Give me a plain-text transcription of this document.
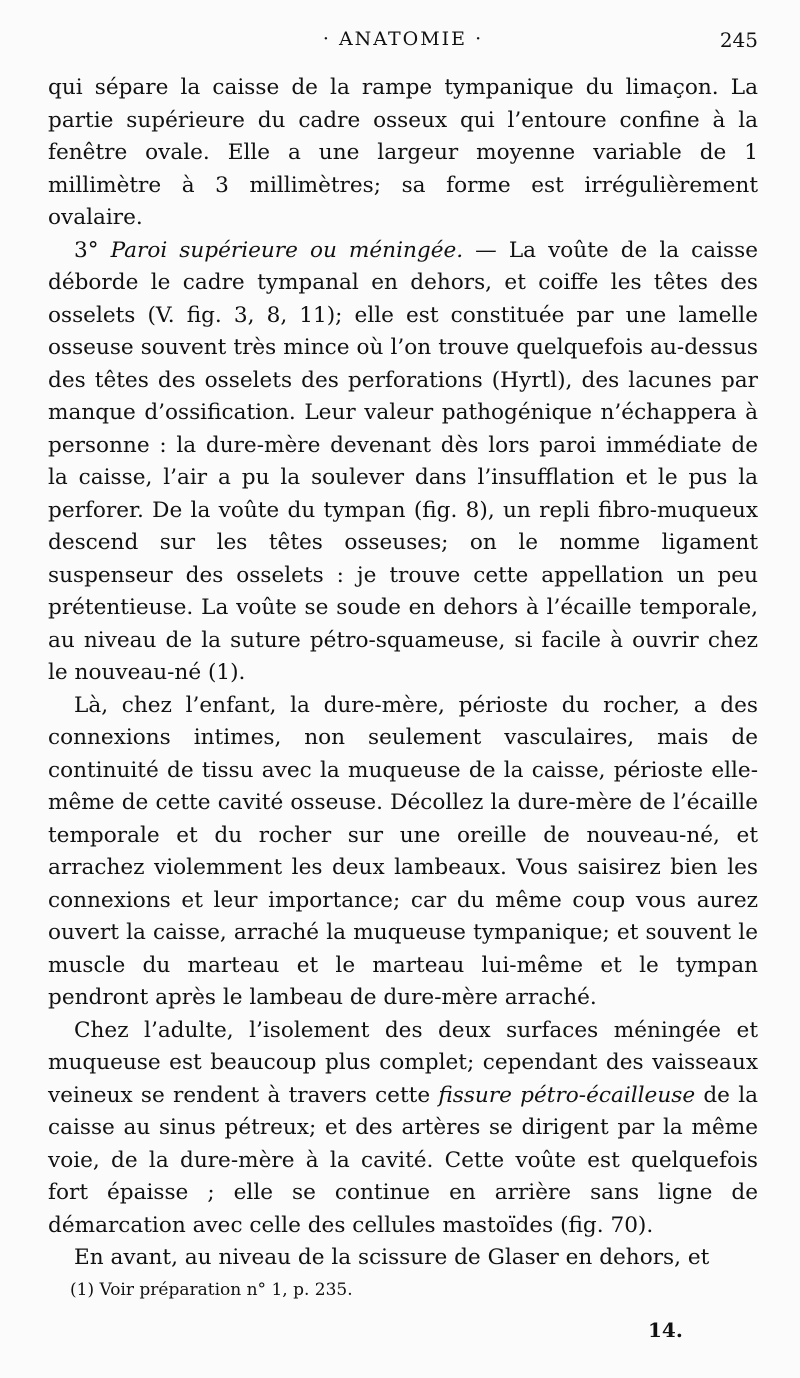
· ANATOMIE ·	245

qui sépare la caisse de la rampe tympanique du limaçon. La partie supérieure du cadre osseux qui l’entoure confine à la fenêtre ovale. Elle a une largeur moyenne variable de 1 millimètre à 3 millimètres; sa forme est irrégulièrement ovalaire.

3° Paroi supérieure ou méningée. — La voûte de la caisse déborde le cadre tympanal en dehors, et coiffe les têtes des osselets (V. fig. 3, 8, 11); elle est constituée par une lamelle osseuse souvent très mince où l’on trouve quelquefois au-dessus des têtes des osselets des perforations (Hyrtl), des lacunes par manque d’ossification. Leur valeur pathogénique n’échappera à personne : la dure-mère devenant dès lors paroi immédiate de la caisse, l’air a pu la soulever dans l’insufflation et le pus la perforer. De la voûte du tympan (fig. 8), un repli fibro-muqueux descend sur les têtes osseuses; on le nomme ligament suspenseur des osselets : je trouve cette appellation un peu prétentieuse. La voûte se soude en dehors à l’écaille temporale, au niveau de la suture pétro-squameuse, si facile à ouvrir chez le nouveau-né (1).

Là, chez l’enfant, la dure-mère, périoste du rocher, a des connexions intimes, non seulement vasculaires, mais de continuité de tissu avec la muqueuse de la caisse, périoste elle-même de cette cavité osseuse. Décollez la dure-mère de l’écaille temporale et du rocher sur une oreille de nouveau-né, et arrachez violemment les deux lambeaux. Vous saisirez bien les connexions et leur importance; car du même coup vous aurez ouvert la caisse, arraché la muqueuse tympanique; et souvent le muscle du marteau et le marteau lui-même et le tympan pendront après le lambeau de dure-mère arraché.

Chez l’adulte, l’isolement des deux surfaces méningée et muqueuse est beaucoup plus complet; cependant des vaisseaux veineux se rendent à travers cette fissure pétro-écailleuse de la caisse au sinus pétreux; et des artères se dirigent par la même voie, de la dure-mère à la cavité. Cette voûte est quelquefois fort épaisse ; elle se continue en arrière sans ligne de démarcation avec celle des cellules mastoïdes (fig. 70).

En avant, au niveau de la scissure de Glaser en dehors, et

(1) Voir préparation n° 1, p. 235.
14.
